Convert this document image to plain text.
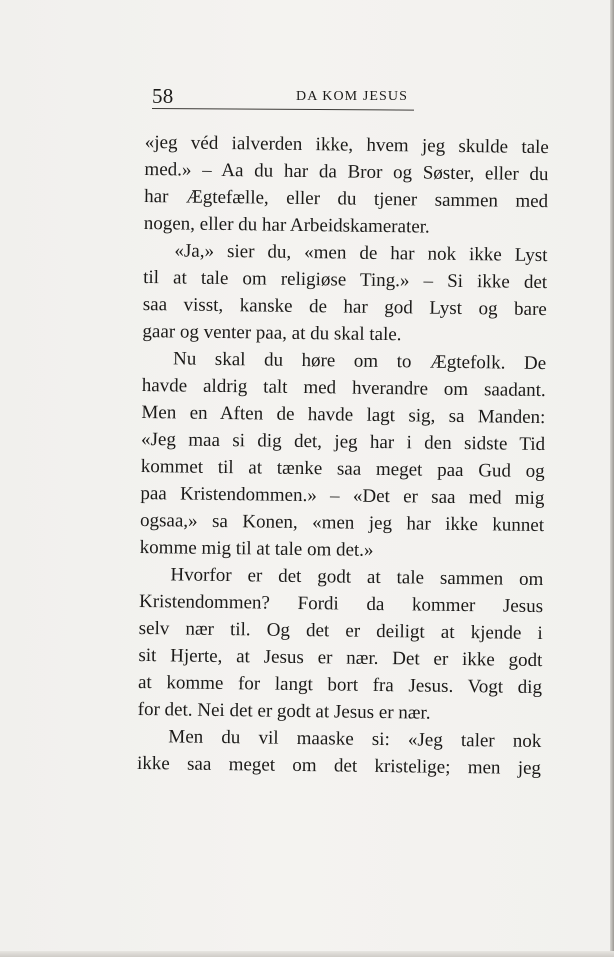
58	DA KOM JESUS
«jeg véd ialverden ikke, hvem jeg skulde tale
med.» – Aa du har da Bror og Søster, eller du
har Ægtefælle, eller du tjener sammen med
nogen, eller du har Arbeidskamerater.
«Ja,» sier du, «men de har nok ikke Lyst
til at tale om religiøse Ting.» – Si ikke det
saa visst, kanske de har god Lyst og bare
gaar og venter paa, at du skal tale.
Nu skal du høre om to Ægtefolk. De
havde aldrig talt med hverandre om saadant.
Men en Aften de havde lagt sig, sa Manden:
«Jeg maa si dig det, jeg har i den sidste Tid
kommet til at tænke saa meget paa Gud og
paa Kristendommen.» – «Det er saa med mig
ogsaa,» sa Konen, «men jeg har ikke kunnet
komme mig til at tale om det.»
Hvorfor er det godt at tale sammen om
Kristendommen? Fordi da kommer Jesus
selv nær til. Og det er deiligt at kjende i
sit Hjerte, at Jesus er nær. Det er ikke godt
at komme for langt bort fra Jesus. Vogt dig
for det. Nei det er godt at Jesus er nær.
Men du vil maaske si: «Jeg taler nok
ikke saa meget om det kristelige; men jeg
